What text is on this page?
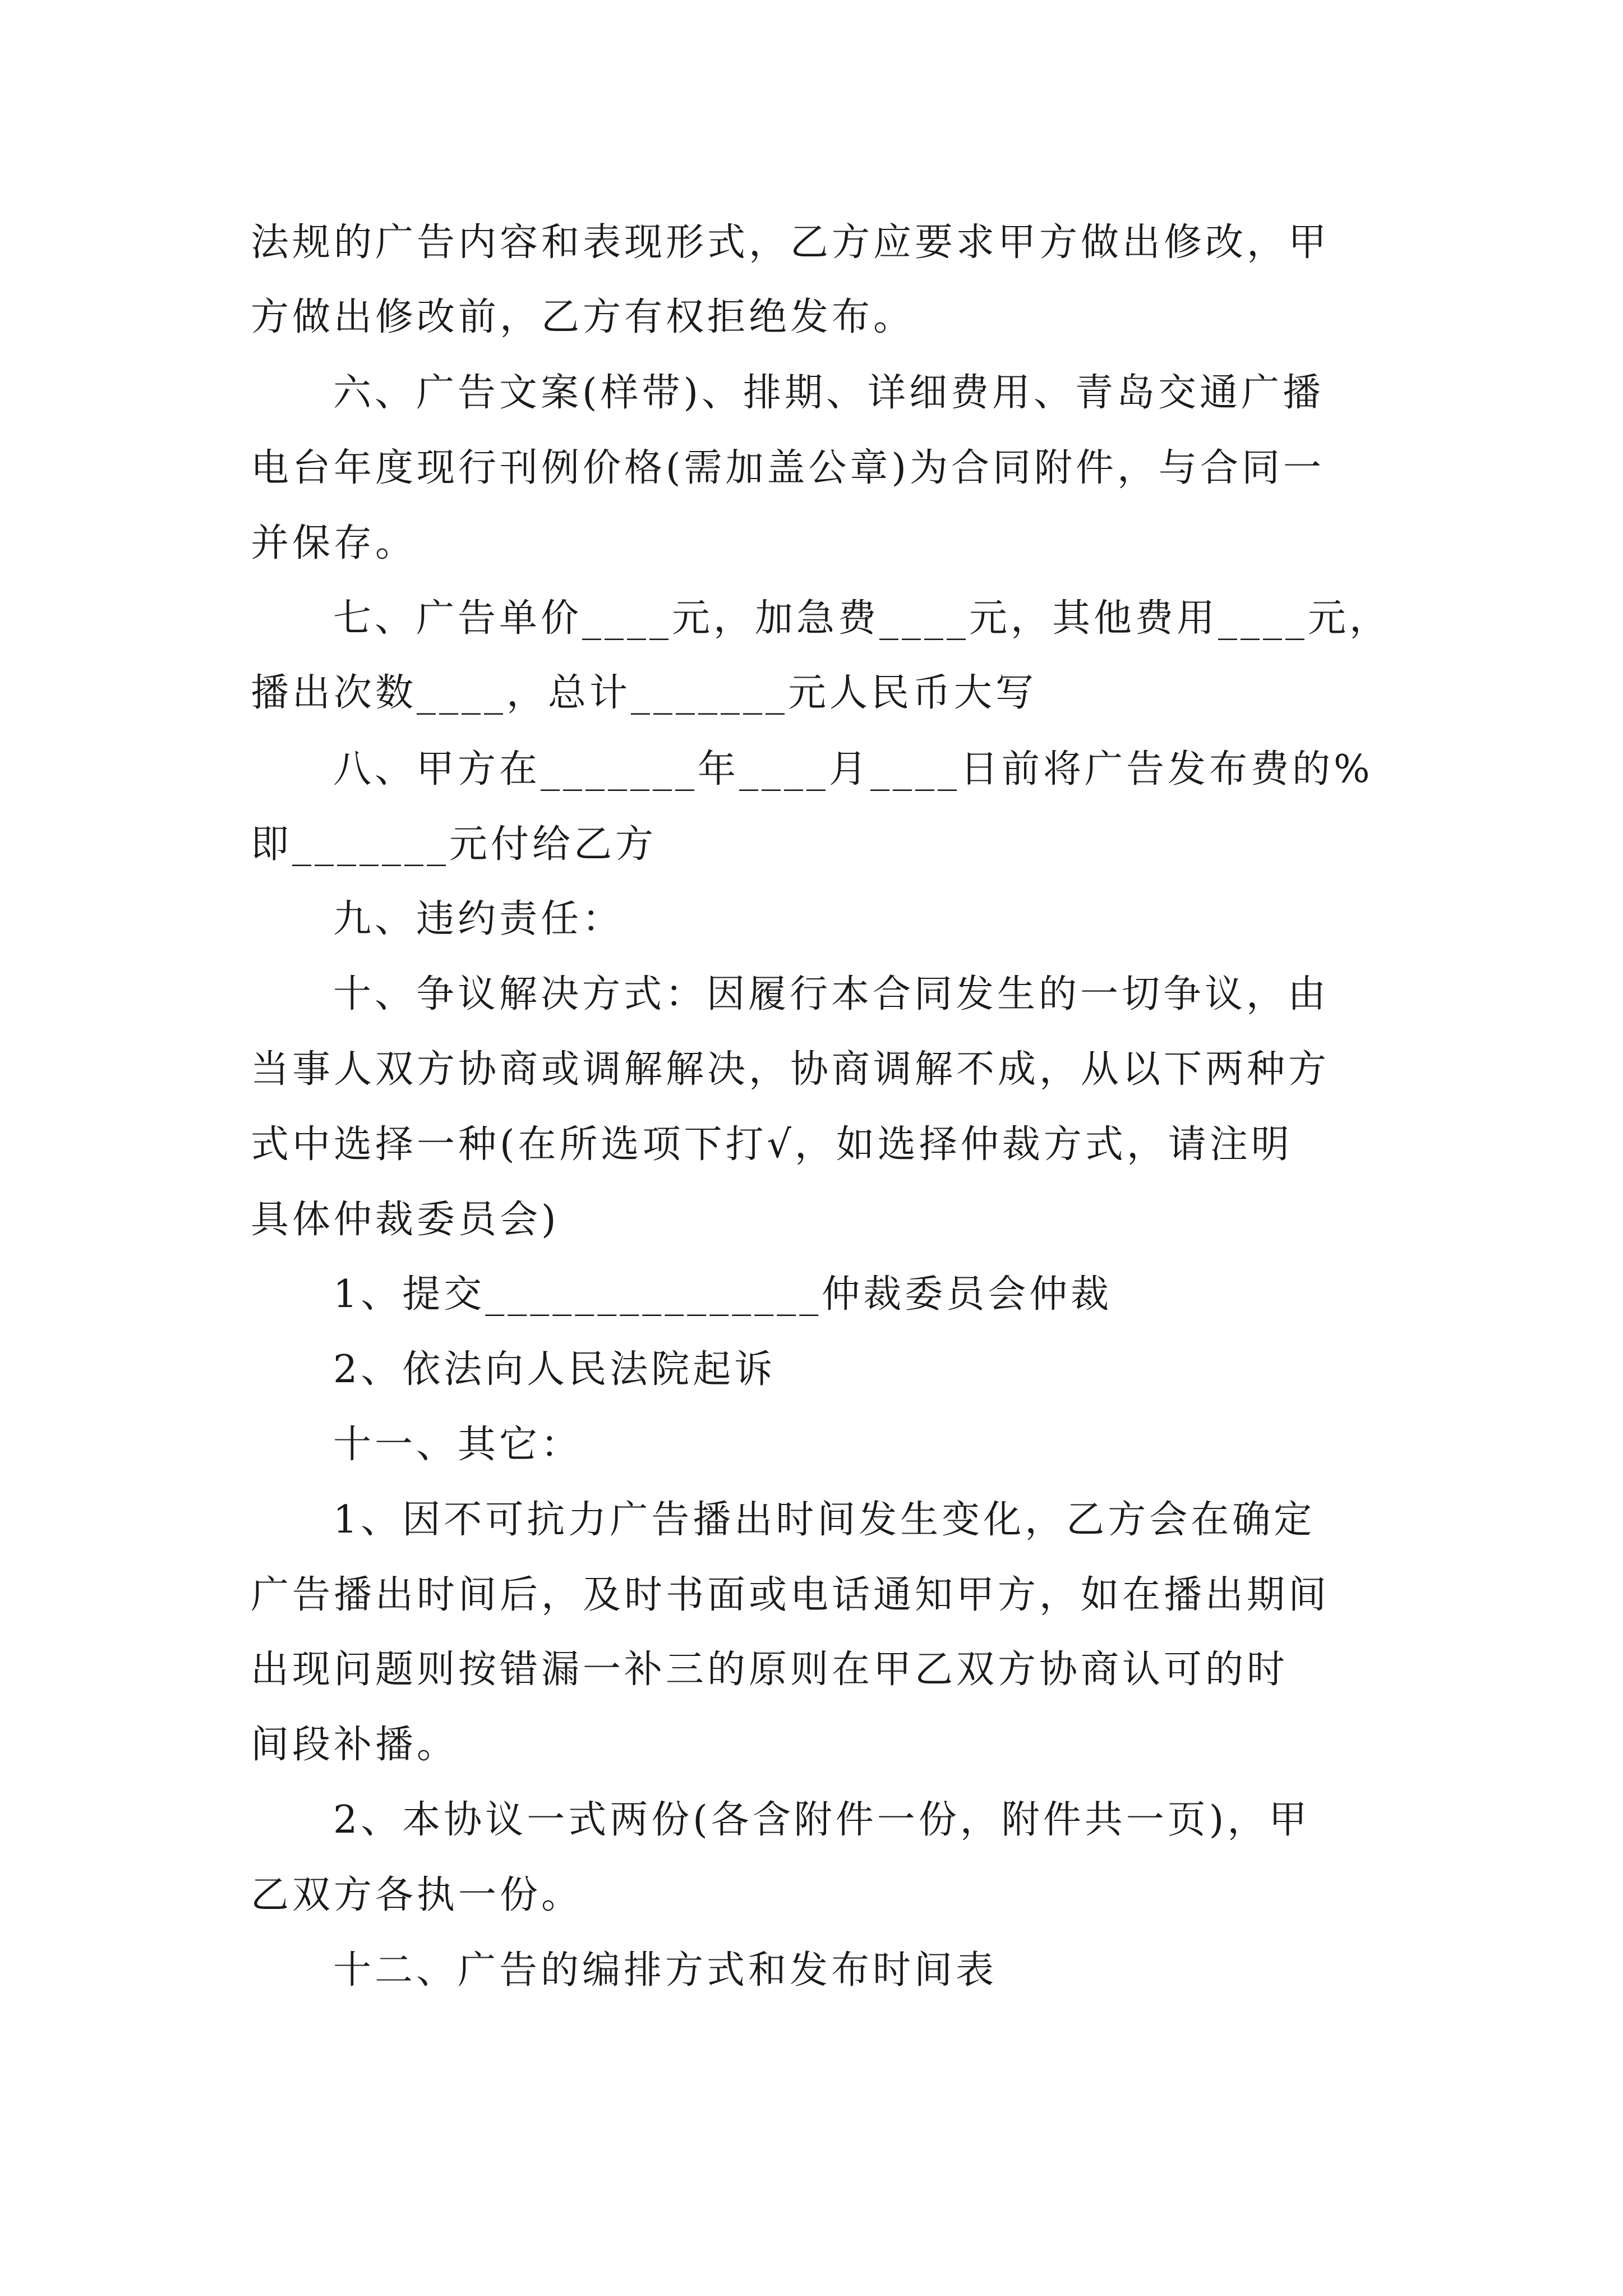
法规的广告内容和表现形式，乙方应要求甲方做出修改，甲
方做出修改前，乙方有权拒绝发布。
六、广告文案(样带)、排期、详细费用、青岛交通广播
电台年度现行刊例价格(需加盖公章)为合同附件，与合同一
并保存。
七、广告单价____元，加急费____元，其他费用____元，
播出次数____，总计_______元人民币大写
八、甲方在_______年____月____日前将广告发布费的%
即_______元付给乙方
九、违约责任：
十、争议解决方式：因履行本合同发生的一切争议，由
当事人双方协商或调解解决，协商调解不成，从以下两种方
式中选择一种(在所选项下打√，如选择仲裁方式，请注明
具体仲裁委员会)
1、提交_______________仲裁委员会仲裁
2、依法向人民法院起诉
十一、其它：
1、因不可抗力广告播出时间发生变化，乙方会在确定
广告播出时间后，及时书面或电话通知甲方，如在播出期间
出现问题则按错漏一补三的原则在甲乙双方协商认可的时
间段补播。
2、本协议一式两份(各含附件一份，附件共一页)，甲
乙双方各执一份。
十二、广告的编排方式和发布时间表
